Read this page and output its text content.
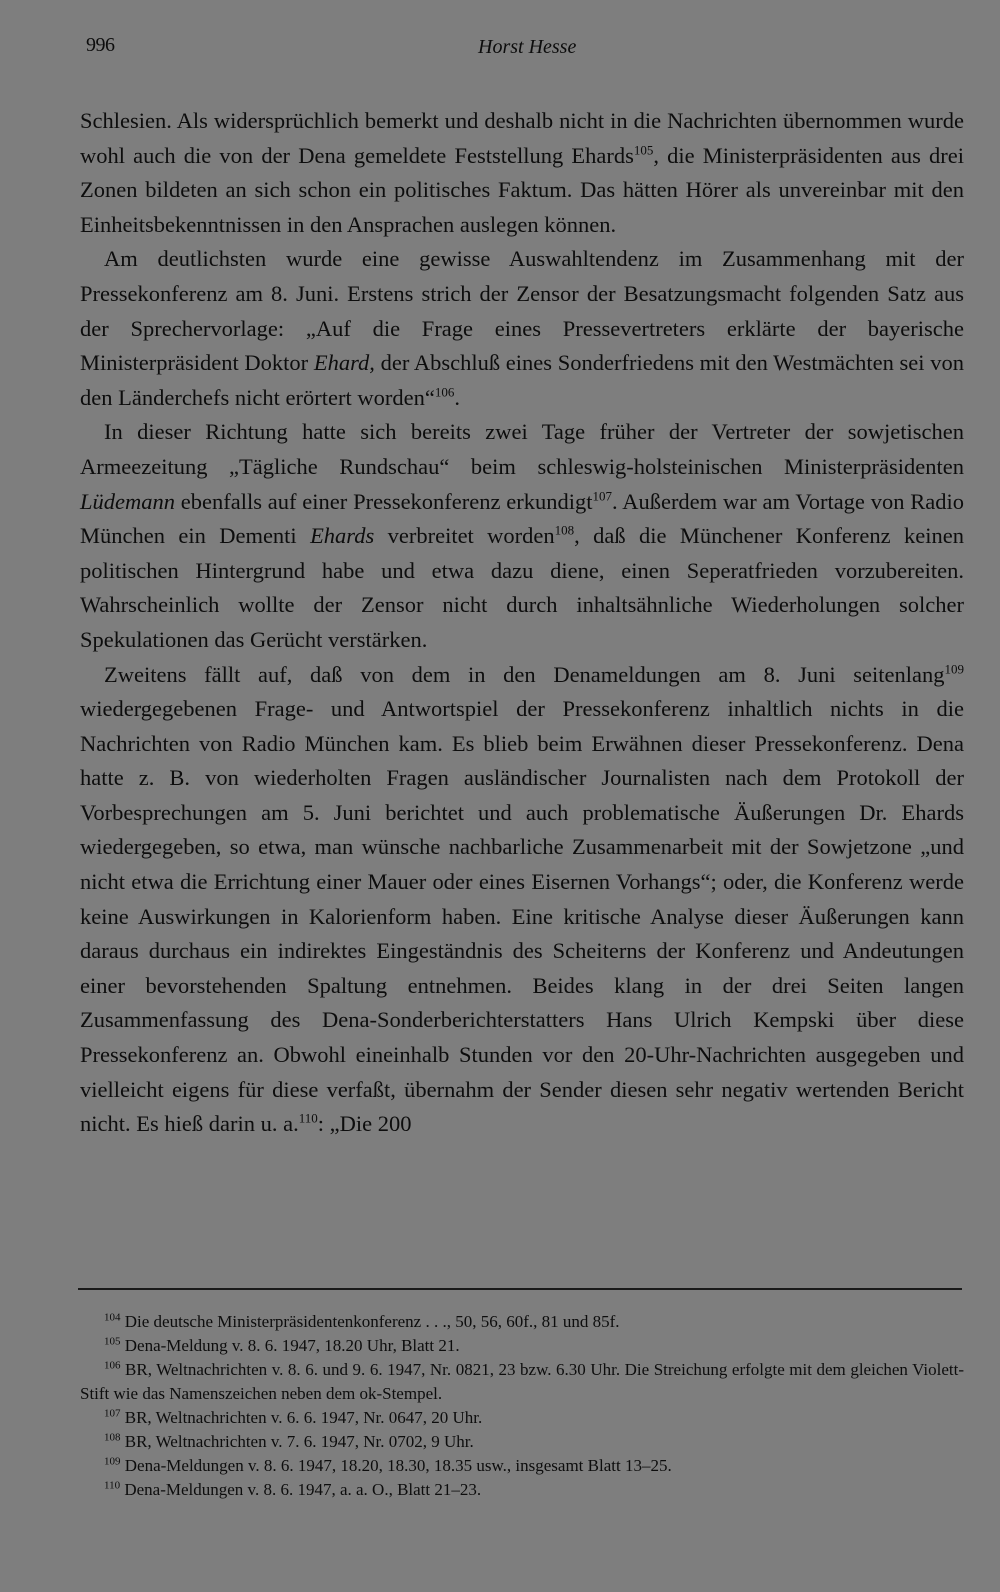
996	Horst Hesse

Schlesien. Als widersprüchlich bemerkt und deshalb nicht in die Nachrichten übernommen wurde wohl auch die von der Dena gemeldete Feststellung Ehards$^{105}$, die Ministerpräsidenten aus drei Zonen bildeten an sich schon ein politisches Faktum. Das hätten Hörer als unvereinbar mit den Einheitsbekenntnissen in den Ansprachen auslegen können.

Am deutlichsten wurde eine gewisse Auswahltendenz im Zusammenhang mit der Pressekonferenz am 8. Juni. Erstens strich der Zensor der Besatzungsmacht folgenden Satz aus der Sprechervorlage: „Auf die Frage eines Pressevertreters erklärte der bayerische Ministerpräsident Doktor Ehard, der Abschluß eines Sonderfriedens mit den Westmächten sei von den Länderchefs nicht erörtert worden“$^{106}$.

In dieser Richtung hatte sich bereits zwei Tage früher der Vertreter der sowjetischen Armeezeitung „Tägliche Rundschau“ beim schleswig-holsteinischen Ministerpräsidenten Lüdemann ebenfalls auf einer Pressekonferenz erkundigt$^{107}$. Außerdem war am Vortage von Radio München ein Dementi Ehards verbreitet worden$^{108}$, daß die Münchener Konferenz keinen politischen Hintergrund habe und etwa dazu diene, einen Seperatfrieden vorzubereiten. Wahrscheinlich wollte der Zensor nicht durch inhaltsähnliche Wiederholungen solcher Spekulationen das Gerücht verstärken.

Zweitens fällt auf, daß von dem in den Denameldungen am 8. Juni seitenlang$^{109}$ wiedergegebenen Frage- und Antwortspiel der Pressekonferenz inhaltlich nichts in die Nachrichten von Radio München kam. Es blieb beim Erwähnen dieser Pressekonferenz. Dena hatte z. B. von wiederholten Fragen ausländischer Journalisten nach dem Protokoll der Vorbesprechungen am 5. Juni berichtet und auch problematische Äußerungen Dr. Ehards wiedergegeben, so etwa, man wünsche nachbarliche Zusammenarbeit mit der Sowjetzone „und nicht etwa die Errichtung einer Mauer oder eines Eisernen Vorhangs“; oder, die Konferenz werde keine Auswirkungen in Kalorienform haben. Eine kritische Analyse dieser Äußerungen kann daraus durchaus ein indirektes Eingeständnis des Scheiterns der Konferenz und Andeutungen einer bevorstehenden Spaltung entnehmen. Beides klang in der drei Seiten langen Zusammenfassung des Dena-Sonderberichterstatters Hans Ulrich Kempski über diese Pressekonferenz an. Obwohl eineinhalb Stunden vor den 20-Uhr-Nachrichten ausgegeben und vielleicht eigens für diese verfaßt, übernahm der Sender diesen sehr negativ wertenden Bericht nicht. Es hieß darin u. a.$^{110}$: „Die 200

$^{104}$ Die deutsche Ministerpräsidentenkonferenz . . ., 50, 56, 60f., 81 und 85f.

$^{105}$ Dena-Meldung v. 8. 6. 1947, 18.20 Uhr, Blatt 21.

$^{106}$ BR, Weltnachrichten v. 8. 6. und 9. 6. 1947, Nr. 0821, 23 bzw. 6.30 Uhr. Die Streichung erfolgte mit dem gleichen Violett-Stift wie das Namenszeichen neben dem ok-Stempel.

$^{107}$ BR, Weltnachrichten v. 6. 6. 1947, Nr. 0647, 20 Uhr.

$^{108}$ BR, Weltnachrichten v. 7. 6. 1947, Nr. 0702, 9 Uhr.

$^{109}$ Dena-Meldungen v. 8. 6. 1947, 18.20, 18.30, 18.35 usw., insgesamt Blatt 13–25.

$^{110}$ Dena-Meldungen v. 8. 6. 1947, a. a. O., Blatt 21–23.
